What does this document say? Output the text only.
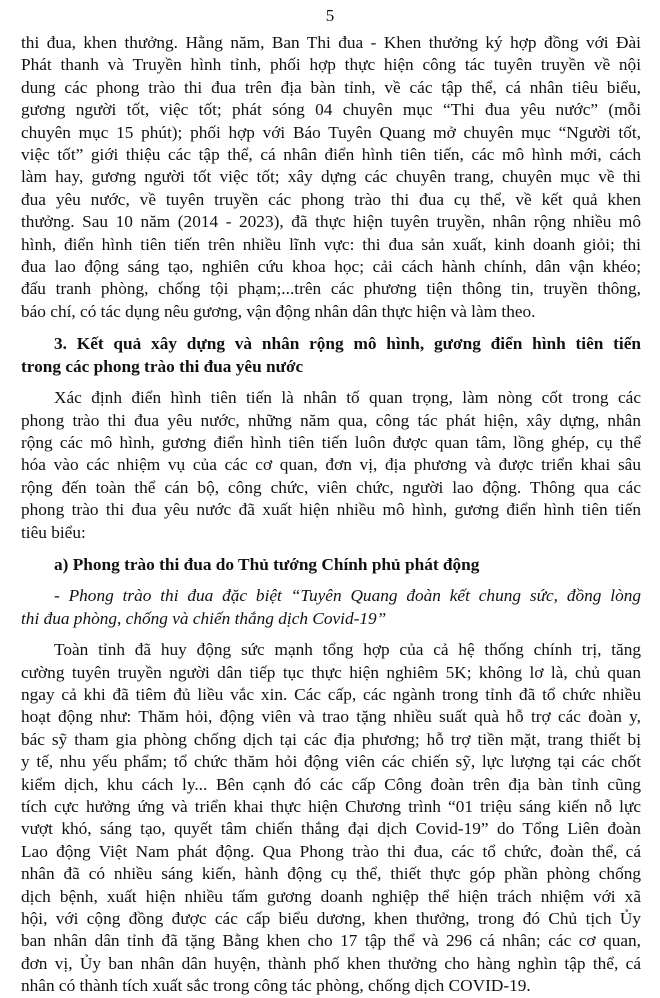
5

thi đua, khen thưởng. Hằng năm, Ban Thi đua - Khen thưởng ký hợp đồng với Đài

Phát thanh và Truyền hình tỉnh, phối hợp thực hiện công tác tuyên truyền về nội

dung các phong trào thi đua trên địa bàn tỉnh, về các tập thể, cá nhân tiêu biểu,

gương người tốt, việc tốt; phát sóng 04 chuyên mục “Thi đua yêu nước” (mỗi

chuyên mục 15 phút); phối hợp với Báo Tuyên Quang mở chuyên mục “Người tốt,

việc tốt” giới thiệu các tập thể, cá nhân điển hình tiên tiến, các mô hình mới, cách

làm hay, gương người tốt việc tốt; xây dựng các chuyên trang, chuyên mục về thi

đua yêu nước, về tuyên truyền các phong trào thi đua cụ thể, về kết quả khen

thưởng. Sau 10 năm (2014 - 2023), đã thực hiện tuyên truyền, nhân rộng nhiều mô

hình, điển hình tiên tiến trên nhiều lĩnh vực: thi đua sản xuất, kinh doanh giỏi; thi

đua lao động sáng tạo, nghiên cứu khoa học; cải cách hành chính, dân vận khéo;

đấu tranh phòng, chống tội phạm;...trên các phương tiện thông tin, truyền thông,

báo chí, có tác dụng nêu gương, vận động nhân dân thực hiện và làm theo.

3. Kết quả xây dựng và nhân rộng mô hình, gương điển hình tiên tiến

trong các phong trào thi đua yêu nước

Xác định điển hình tiên tiến là nhân tố quan trọng, làm nòng cốt trong các

phong trào thi đua yêu nước, những năm qua, công tác phát hiện, xây dựng, nhân

rộng các mô hình, gương điển hình tiên tiến luôn được quan tâm, lồng ghép, cụ thể

hóa vào các nhiệm vụ của các cơ quan, đơn vị, địa phương và được triển khai sâu

rộng đến toàn thể cán bộ, công chức, viên chức, người lao động. Thông qua các

phong trào thi đua yêu nước đã xuất hiện nhiều mô hình, gương điển hình tiên tiến

tiêu biểu:

a) Phong trào thi đua do Thủ tướng Chính phủ phát động

- Phong trào thi đua đặc biệt “Tuyên Quang đoàn kết chung sức, đồng lòng

thi đua phòng, chống và chiến thắng dịch Covid-19”

Toàn tỉnh đã huy động sức mạnh tổng hợp của cả hệ thống chính trị, tăng

cường tuyên truyền người dân tiếp tục thực hiện nghiêm 5K; không lơ là, chủ quan

ngay cả khi đã tiêm đủ liều vắc xin. Các cấp, các ngành trong tỉnh đã tổ chức nhiều

hoạt động như: Thăm hỏi, động viên và trao tặng nhiều suất quà hỗ trợ các đoàn y,

bác sỹ tham gia phòng chống dịch tại các địa phương; hỗ trợ tiền mặt, trang thiết bị

y tế, nhu yếu phẩm; tổ chức thăm hỏi động viên các chiến sỹ, lực lượng tại các chốt

kiểm dịch, khu cách ly... Bên cạnh đó các cấp Công đoàn trên địa bàn tỉnh cũng

tích cực hưởng ứng và triển khai thực hiện Chương trình “01 triệu sáng kiến nỗ lực

vượt khó, sáng tạo, quyết tâm chiến thắng đại dịch Covid-19” do Tổng Liên đoàn

Lao động Việt Nam phát động. Qua Phong trào thi đua, các tổ chức, đoàn thể, cá

nhân đã có nhiều sáng kiến, hành động cụ thể, thiết thực góp phần phòng chống

dịch bệnh, xuất hiện nhiều tấm gương doanh nghiệp thể hiện trách nhiệm với xã

hội, với cộng đồng được các cấp biểu dương, khen thưởng, trong đó Chủ tịch Ủy

ban nhân dân tỉnh đã tặng Bằng khen cho 17 tập thể và 296 cá nhân; các cơ quan,

đơn vị, Ủy ban nhân dân huyện, thành phố khen thưởng cho hàng nghìn tập thể, cá

nhân có thành tích xuất sắc trong công tác phòng, chống dịch COVID-19.
